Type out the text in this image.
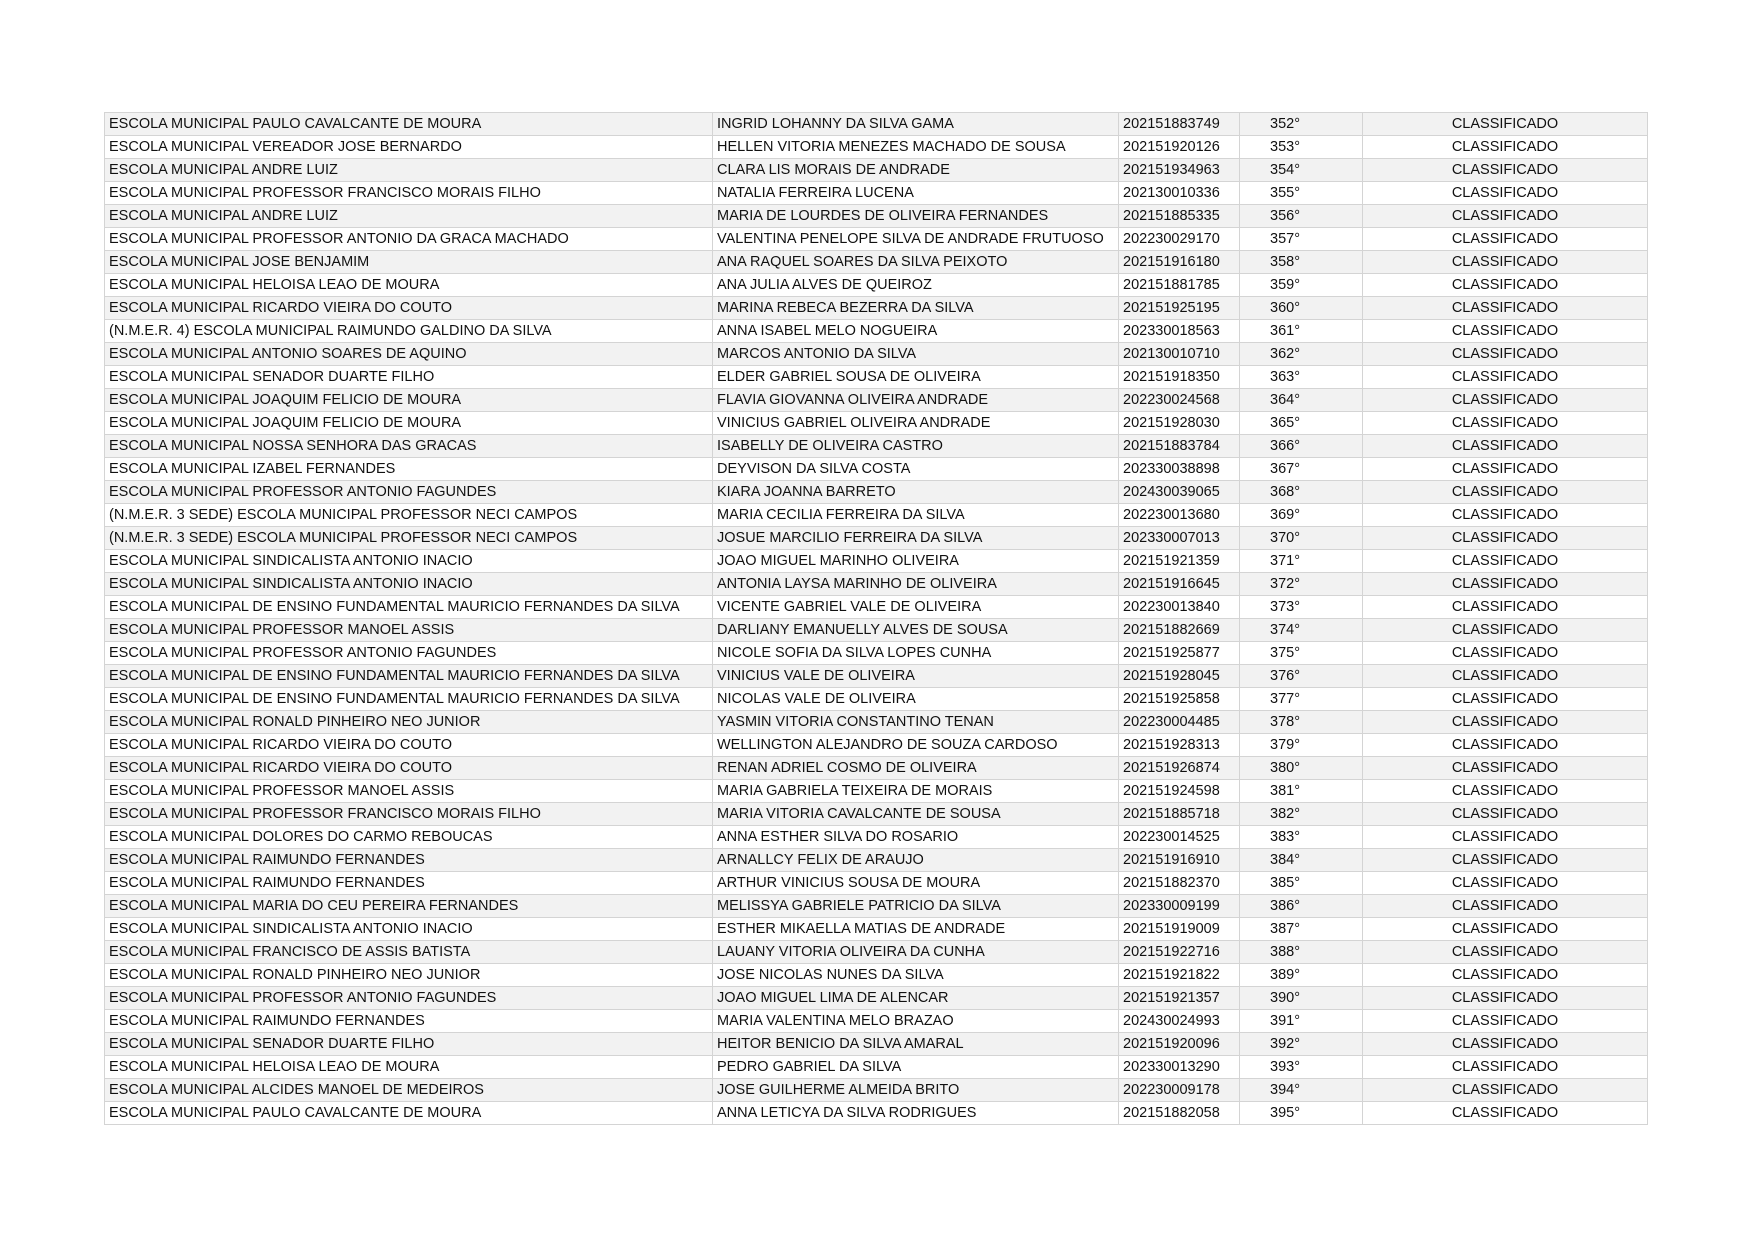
ESCOLA MUNICIPAL PAULO CAVALCANTE DE MOURA	INGRID LOHANNY DA SILVA GAMA	202151883749	352°	CLASSIFICADO
ESCOLA MUNICIPAL VEREADOR JOSE BERNARDO	HELLEN VITORIA MENEZES MACHADO DE SOUSA	202151920126	353°	CLASSIFICADO
ESCOLA MUNICIPAL ANDRE LUIZ	CLARA LIS MORAIS DE ANDRADE	202151934963	354°	CLASSIFICADO
ESCOLA MUNICIPAL PROFESSOR FRANCISCO MORAIS FILHO	NATALIA FERREIRA LUCENA	202130010336	355°	CLASSIFICADO
ESCOLA MUNICIPAL ANDRE LUIZ	MARIA DE LOURDES DE OLIVEIRA FERNANDES	202151885335	356°	CLASSIFICADO
ESCOLA MUNICIPAL PROFESSOR ANTONIO DA GRACA MACHADO	VALENTINA PENELOPE SILVA DE ANDRADE FRUTUOSO	202230029170	357°	CLASSIFICADO
ESCOLA MUNICIPAL JOSE BENJAMIM	ANA RAQUEL SOARES DA SILVA PEIXOTO	202151916180	358°	CLASSIFICADO
ESCOLA MUNICIPAL HELOISA LEAO DE MOURA	ANA JULIA ALVES DE QUEIROZ	202151881785	359°	CLASSIFICADO
ESCOLA MUNICIPAL RICARDO VIEIRA DO COUTO	MARINA REBECA BEZERRA DA SILVA	202151925195	360°	CLASSIFICADO
(N.M.E.R. 4) ESCOLA MUNICIPAL RAIMUNDO GALDINO DA SILVA	ANNA ISABEL MELO NOGUEIRA	202330018563	361°	CLASSIFICADO
ESCOLA MUNICIPAL ANTONIO SOARES DE AQUINO	MARCOS ANTONIO DA SILVA	202130010710	362°	CLASSIFICADO
ESCOLA MUNICIPAL SENADOR DUARTE FILHO	ELDER GABRIEL SOUSA DE OLIVEIRA	202151918350	363°	CLASSIFICADO
ESCOLA MUNICIPAL JOAQUIM FELICIO DE MOURA	FLAVIA GIOVANNA OLIVEIRA ANDRADE	202230024568	364°	CLASSIFICADO
ESCOLA MUNICIPAL JOAQUIM FELICIO DE MOURA	VINICIUS GABRIEL OLIVEIRA ANDRADE	202151928030	365°	CLASSIFICADO
ESCOLA MUNICIPAL NOSSA SENHORA DAS GRACAS	ISABELLY DE OLIVEIRA CASTRO	202151883784	366°	CLASSIFICADO
ESCOLA MUNICIPAL IZABEL FERNANDES	DEYVISON DA SILVA COSTA	202330038898	367°	CLASSIFICADO
ESCOLA MUNICIPAL PROFESSOR ANTONIO FAGUNDES	KIARA JOANNA BARRETO	202430039065	368°	CLASSIFICADO
(N.M.E.R. 3 SEDE) ESCOLA MUNICIPAL PROFESSOR NECI CAMPOS	MARIA CECILIA FERREIRA DA SILVA	202230013680	369°	CLASSIFICADO
(N.M.E.R. 3 SEDE) ESCOLA MUNICIPAL PROFESSOR NECI CAMPOS	JOSUE MARCILIO FERREIRA DA SILVA	202330007013	370°	CLASSIFICADO
ESCOLA MUNICIPAL SINDICALISTA ANTONIO INACIO	JOAO MIGUEL MARINHO OLIVEIRA	202151921359	371°	CLASSIFICADO
ESCOLA MUNICIPAL SINDICALISTA ANTONIO INACIO	ANTONIA LAYSA MARINHO DE OLIVEIRA	202151916645	372°	CLASSIFICADO
ESCOLA MUNICIPAL DE ENSINO FUNDAMENTAL MAURICIO FERNANDES DA SILVA	VICENTE GABRIEL VALE DE OLIVEIRA	202230013840	373°	CLASSIFICADO
ESCOLA MUNICIPAL PROFESSOR MANOEL ASSIS	DARLIANY EMANUELLY ALVES DE SOUSA	202151882669	374°	CLASSIFICADO
ESCOLA MUNICIPAL PROFESSOR ANTONIO FAGUNDES	NICOLE SOFIA DA SILVA LOPES CUNHA	202151925877	375°	CLASSIFICADO
ESCOLA MUNICIPAL DE ENSINO FUNDAMENTAL MAURICIO FERNANDES DA SILVA	VINICIUS VALE DE OLIVEIRA	202151928045	376°	CLASSIFICADO
ESCOLA MUNICIPAL DE ENSINO FUNDAMENTAL MAURICIO FERNANDES DA SILVA	NICOLAS VALE DE OLIVEIRA	202151925858	377°	CLASSIFICADO
ESCOLA MUNICIPAL RONALD PINHEIRO NEO JUNIOR	YASMIN VITORIA CONSTANTINO TENAN	202230004485	378°	CLASSIFICADO
ESCOLA MUNICIPAL RICARDO VIEIRA DO COUTO	WELLINGTON ALEJANDRO DE SOUZA CARDOSO	202151928313	379°	CLASSIFICADO
ESCOLA MUNICIPAL RICARDO VIEIRA DO COUTO	RENAN ADRIEL COSMO DE OLIVEIRA	202151926874	380°	CLASSIFICADO
ESCOLA MUNICIPAL PROFESSOR MANOEL ASSIS	MARIA GABRIELA TEIXEIRA DE MORAIS	202151924598	381°	CLASSIFICADO
ESCOLA MUNICIPAL PROFESSOR FRANCISCO MORAIS FILHO	MARIA VITORIA CAVALCANTE DE SOUSA	202151885718	382°	CLASSIFICADO
ESCOLA MUNICIPAL DOLORES DO CARMO REBOUCAS	ANNA ESTHER SILVA DO ROSARIO	202230014525	383°	CLASSIFICADO
ESCOLA MUNICIPAL RAIMUNDO FERNANDES	ARNALLCY FELIX DE ARAUJO	202151916910	384°	CLASSIFICADO
ESCOLA MUNICIPAL RAIMUNDO FERNANDES	ARTHUR VINICIUS SOUSA DE MOURA	202151882370	385°	CLASSIFICADO
ESCOLA MUNICIPAL MARIA DO CEU PEREIRA FERNANDES	MELISSYA GABRIELE PATRICIO DA SILVA	202330009199	386°	CLASSIFICADO
ESCOLA MUNICIPAL SINDICALISTA ANTONIO INACIO	ESTHER MIKAELLA MATIAS DE ANDRADE	202151919009	387°	CLASSIFICADO
ESCOLA MUNICIPAL FRANCISCO DE ASSIS BATISTA	LAUANY VITORIA OLIVEIRA DA CUNHA	202151922716	388°	CLASSIFICADO
ESCOLA MUNICIPAL RONALD PINHEIRO NEO JUNIOR	JOSE NICOLAS NUNES DA SILVA	202151921822	389°	CLASSIFICADO
ESCOLA MUNICIPAL PROFESSOR ANTONIO FAGUNDES	JOAO MIGUEL LIMA DE ALENCAR	202151921357	390°	CLASSIFICADO
ESCOLA MUNICIPAL RAIMUNDO FERNANDES	MARIA VALENTINA MELO BRAZAO	202430024993	391°	CLASSIFICADO
ESCOLA MUNICIPAL SENADOR DUARTE FILHO	HEITOR BENICIO DA SILVA AMARAL	202151920096	392°	CLASSIFICADO
ESCOLA MUNICIPAL HELOISA LEAO DE MOURA	PEDRO GABRIEL DA SILVA	202330013290	393°	CLASSIFICADO
ESCOLA MUNICIPAL ALCIDES MANOEL DE MEDEIROS	JOSE GUILHERME ALMEIDA BRITO	202230009178	394°	CLASSIFICADO
ESCOLA MUNICIPAL PAULO CAVALCANTE DE MOURA	ANNA LETICYA DA SILVA RODRIGUES	202151882058	395°	CLASSIFICADO
